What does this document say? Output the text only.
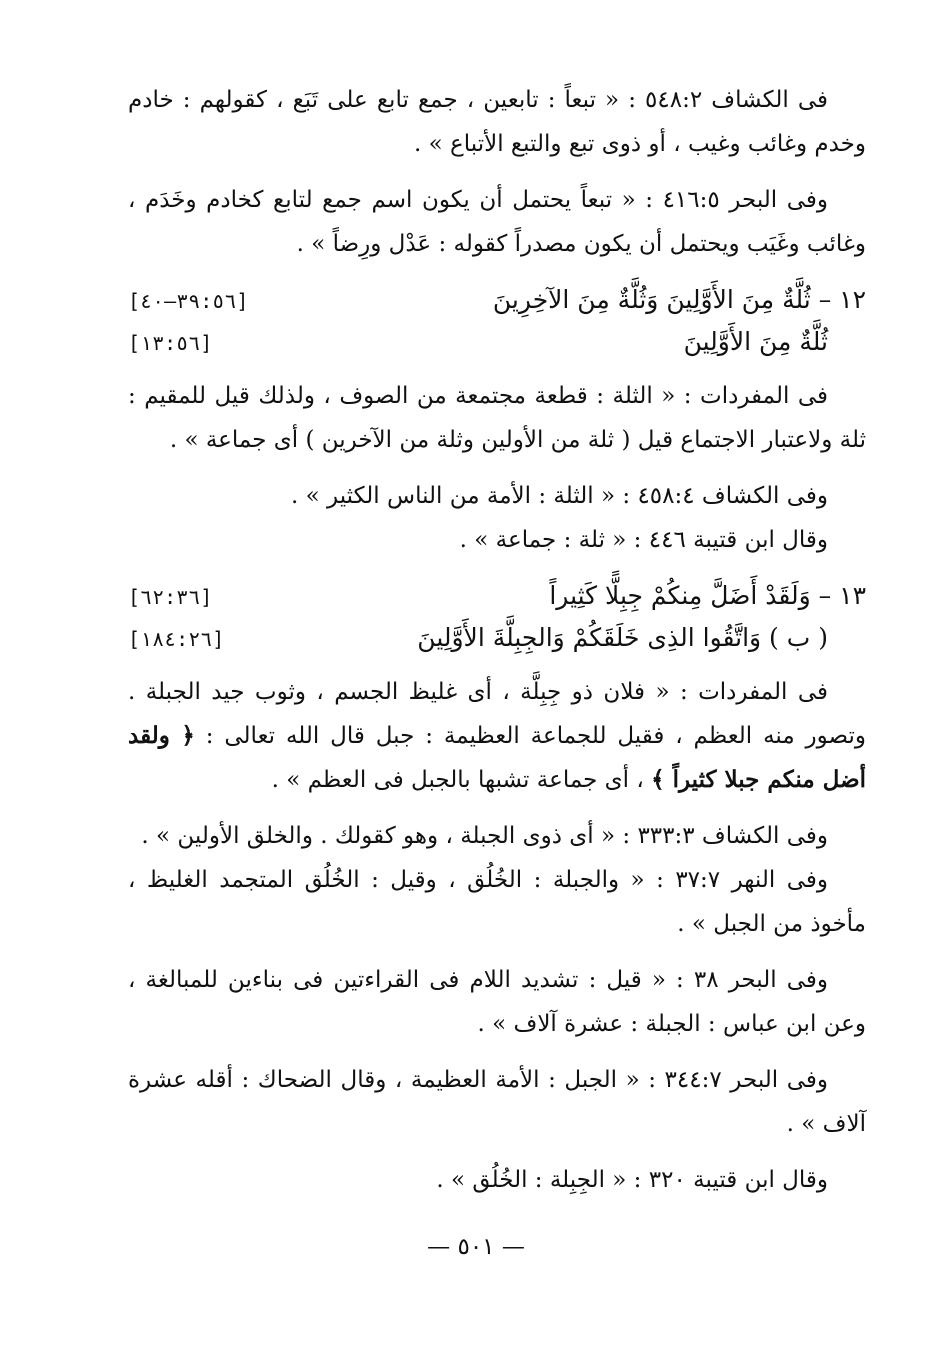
فى الكشاف ٥٤٨:٢ : « تبعاً : تابعين ، جمع تابع على تَبَع ، كقولهم : خادم وخدم وغائب وغيب ، أو ذوى تبع والتبع الأتباع » .

وفى البحر ٤١٦:٥ : « تبعاً يحتمل أن يكون اسم جمع لتابع كخادم وخَدَم ، وغائب وغَيَب ويحتمل أن يكون مصدراً كقوله : عَدْل ورِضاً » .

١٢ – ثُلَّةٌ مِنَ الأَوَّلِينَ وَثُلَّةٌ مِنَ الآخِرِينَ
[٣٩:٥٦–٤٠]
ثُلَّةٌ مِنَ الأَوَّلِينَ
[١٣:٥٦]

فى المفردات : « الثلة : قطعة مجتمعة من الصوف ، ولذلك قيل للمقيم : ثلة ولاعتبار الاجتماع قيل ( ثلة من الأولين وثلة من الآخرين ) أى جماعة » .

وفى الكشاف ٤٥٨:٤ : « الثلة : الأمة من الناس الكثير » .

وقال ابن قتيبة ٤٤٦ : « ثلة : جماعة » .

١٣ – وَلَقَدْ أَضَلَّ مِنكُمْ جِبِلًّا كَثِيراً
[٦٢:٣٦]
( ب ) وَاتَّقُوا الذِى خَلَقَكُمْ وَالجِبِلَّةَ الأَوَّلِينَ
[١٨٤:٢٦]

فى المفردات : « فلان ذو جِبِلَّة ، أى غليظ الجسم ، وثوب جيد الجبلة . وتصور منه العظم ، فقيل للجماعة العظيمة : جبل قال الله تعالى : ﴿ ولقد أضل منكم جبلا كثيراً ﴾ ، أى جماعة تشبها بالجبل فى العظم » .

وفى الكشاف ٣٣٣:٣ : « أى ذوى الجبلة ، وهو كقولك . والخلق الأولين » .

وفى النهر ٣٧:٧ : « والجبلة : الخُلُق ، وقيل : الخُلُق المتجمد الغليظ ، مأخوذ من الجبل » .

وفى البحر ٣٨ : « قيل : تشديد اللام فى القراءتين فى بناءين للمبالغة ، وعن ابن عباس : الجبلة : عشرة آلاف » .

وفى البحر ٣٤٤:٧ : « الجبل : الأمة العظيمة ، وقال الضحاك : أقله عشرة آلاف » .

وقال ابن قتيبة ٣٢٠ : « الجِبِلة : الخُلُق » .

— ٥٠١ —
